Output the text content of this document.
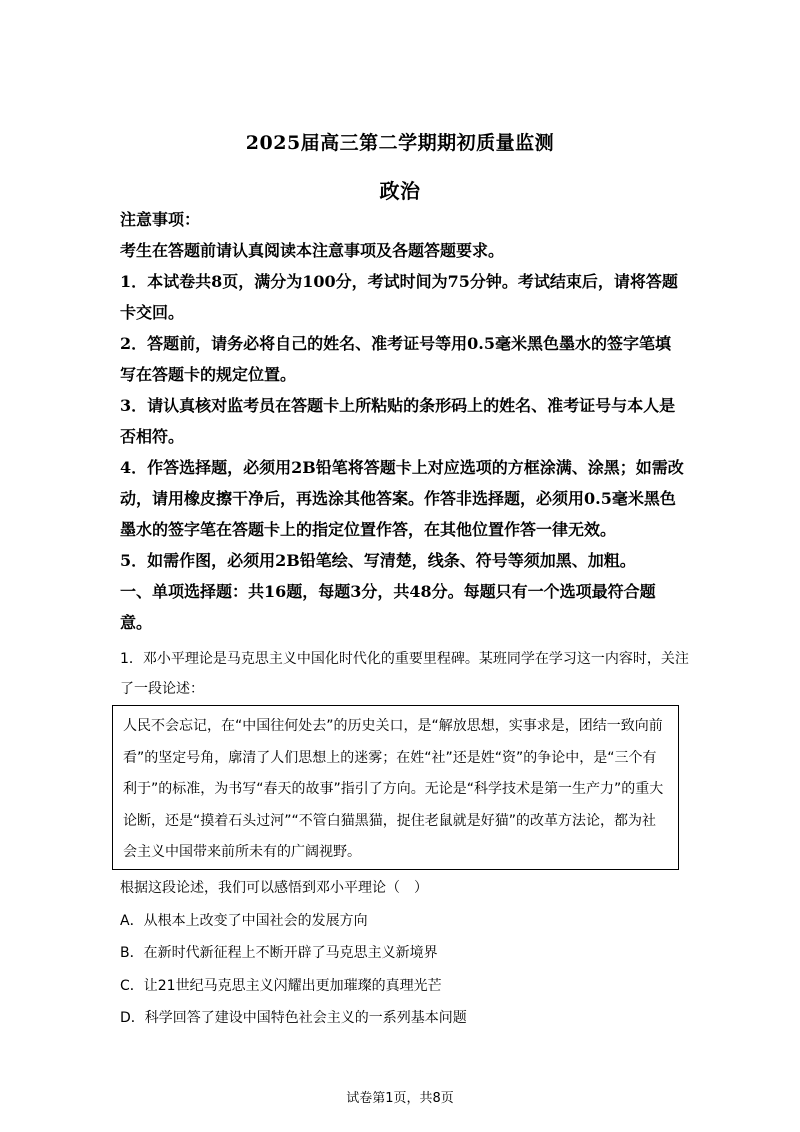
2025届高三第二学期期初质量监测
政治
注意事项：
考生在答题前请认真阅读本注意事项及各题答题要求。
1．本试卷共8页，满分为100分，考试时间为75分钟。考试结束后，请将答题卡交回。
2．答题前，请务必将自己的姓名、准考证号等用0.5毫米黑色墨水的签字笔填写在答题卡的规定位置。
3．请认真核对监考员在答题卡上所粘贴的条形码上的姓名、准考证号与本人是否相符。
4．作答选择题，必须用2B铅笔将答题卡上对应选项的方框涂满、涂黑；如需改动，请用橡皮擦干净后，再选涂其他答案。作答非选择题，必须用0.5毫米黑色墨水的签字笔在答题卡上的指定位置作答，在其他位置作答一律无效。
5．如需作图，必须用2B铅笔绘、写清楚，线条、符号等须加黑、加粗。
一、单项选择题：共16题，每题3分，共48分。每题只有一个选项最符合题意。
1．邓小平理论是马克思主义中国化时代化的重要里程碑。某班同学在学习这一内容时，关注了一段论述：
人民不会忘记，在“中国往何处去”的历史关口，是“解放思想，实事求是，团结一致向前看”的坚定号角，廓清了人们思想上的迷雾；在姓“社”还是姓“资”的争论中，是“三个有利于”的标准，为书写“春天的故事”指引了方向。无论是“科学技术是第一生产力”的重大论断，还是“摸着石头过河”“不管白猫黑猫，捉住老鼠就是好猫”的改革方法论，都为社会主义中国带来前所未有的广阔视野。
根据这段论述，我们可以感悟到邓小平理论（　）
A．从根本上改变了中国社会的发展方向
B．在新时代新征程上不断开辟了马克思主义新境界
C．让21世纪马克思主义闪耀出更加璀璨的真理光芒
D．科学回答了建设中国特色社会主义的一系列基本问题
试卷第1页，共8页
